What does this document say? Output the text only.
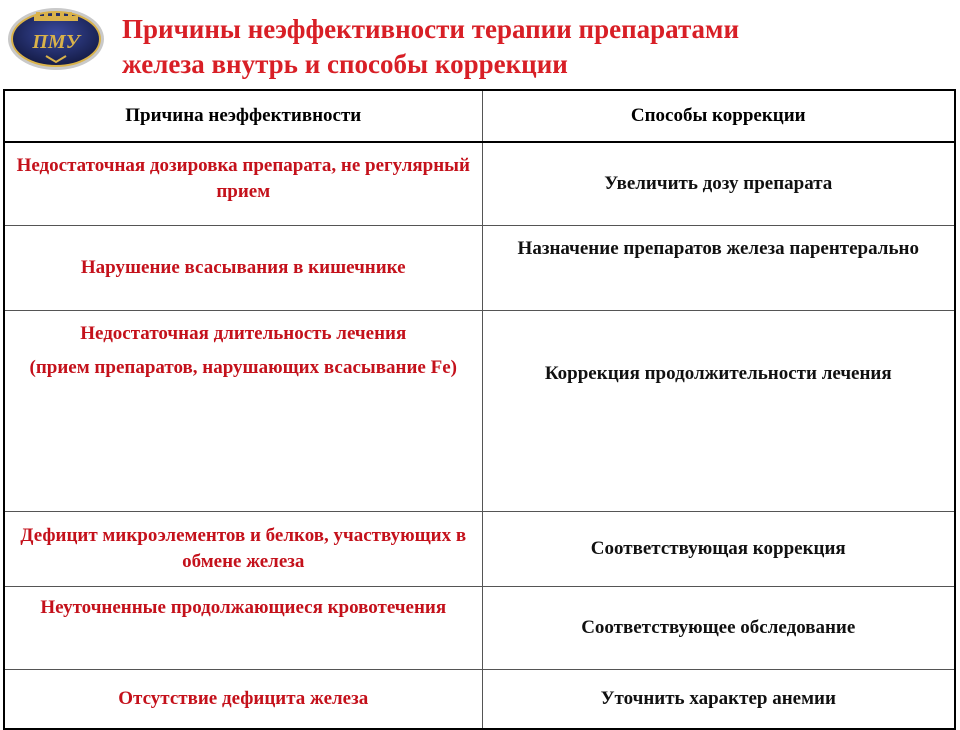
ПМУ Причины неэффективности терапии препаратами
железа внутрь и способы коррекции
Причина неэффективности	Способы коррекции
Недостаточная дозировка препарата, не регулярный прием	Увеличить дозу препарата
Нарушение всасывания в кишечнике	Назначение препаратов железа парентерально
Недостаточная длительность лечения
(прием препаратов, нарушающих всасывание Fe)	Коррекция продолжительности лечения
Дефицит микроэлементов и белков, участвующих в обмене железа	Соответствующая коррекция
Неуточненные продолжающиеся кровотечения	Соответствующее обследование
Отсутствие дефицита железа	Уточнить характер анемии
